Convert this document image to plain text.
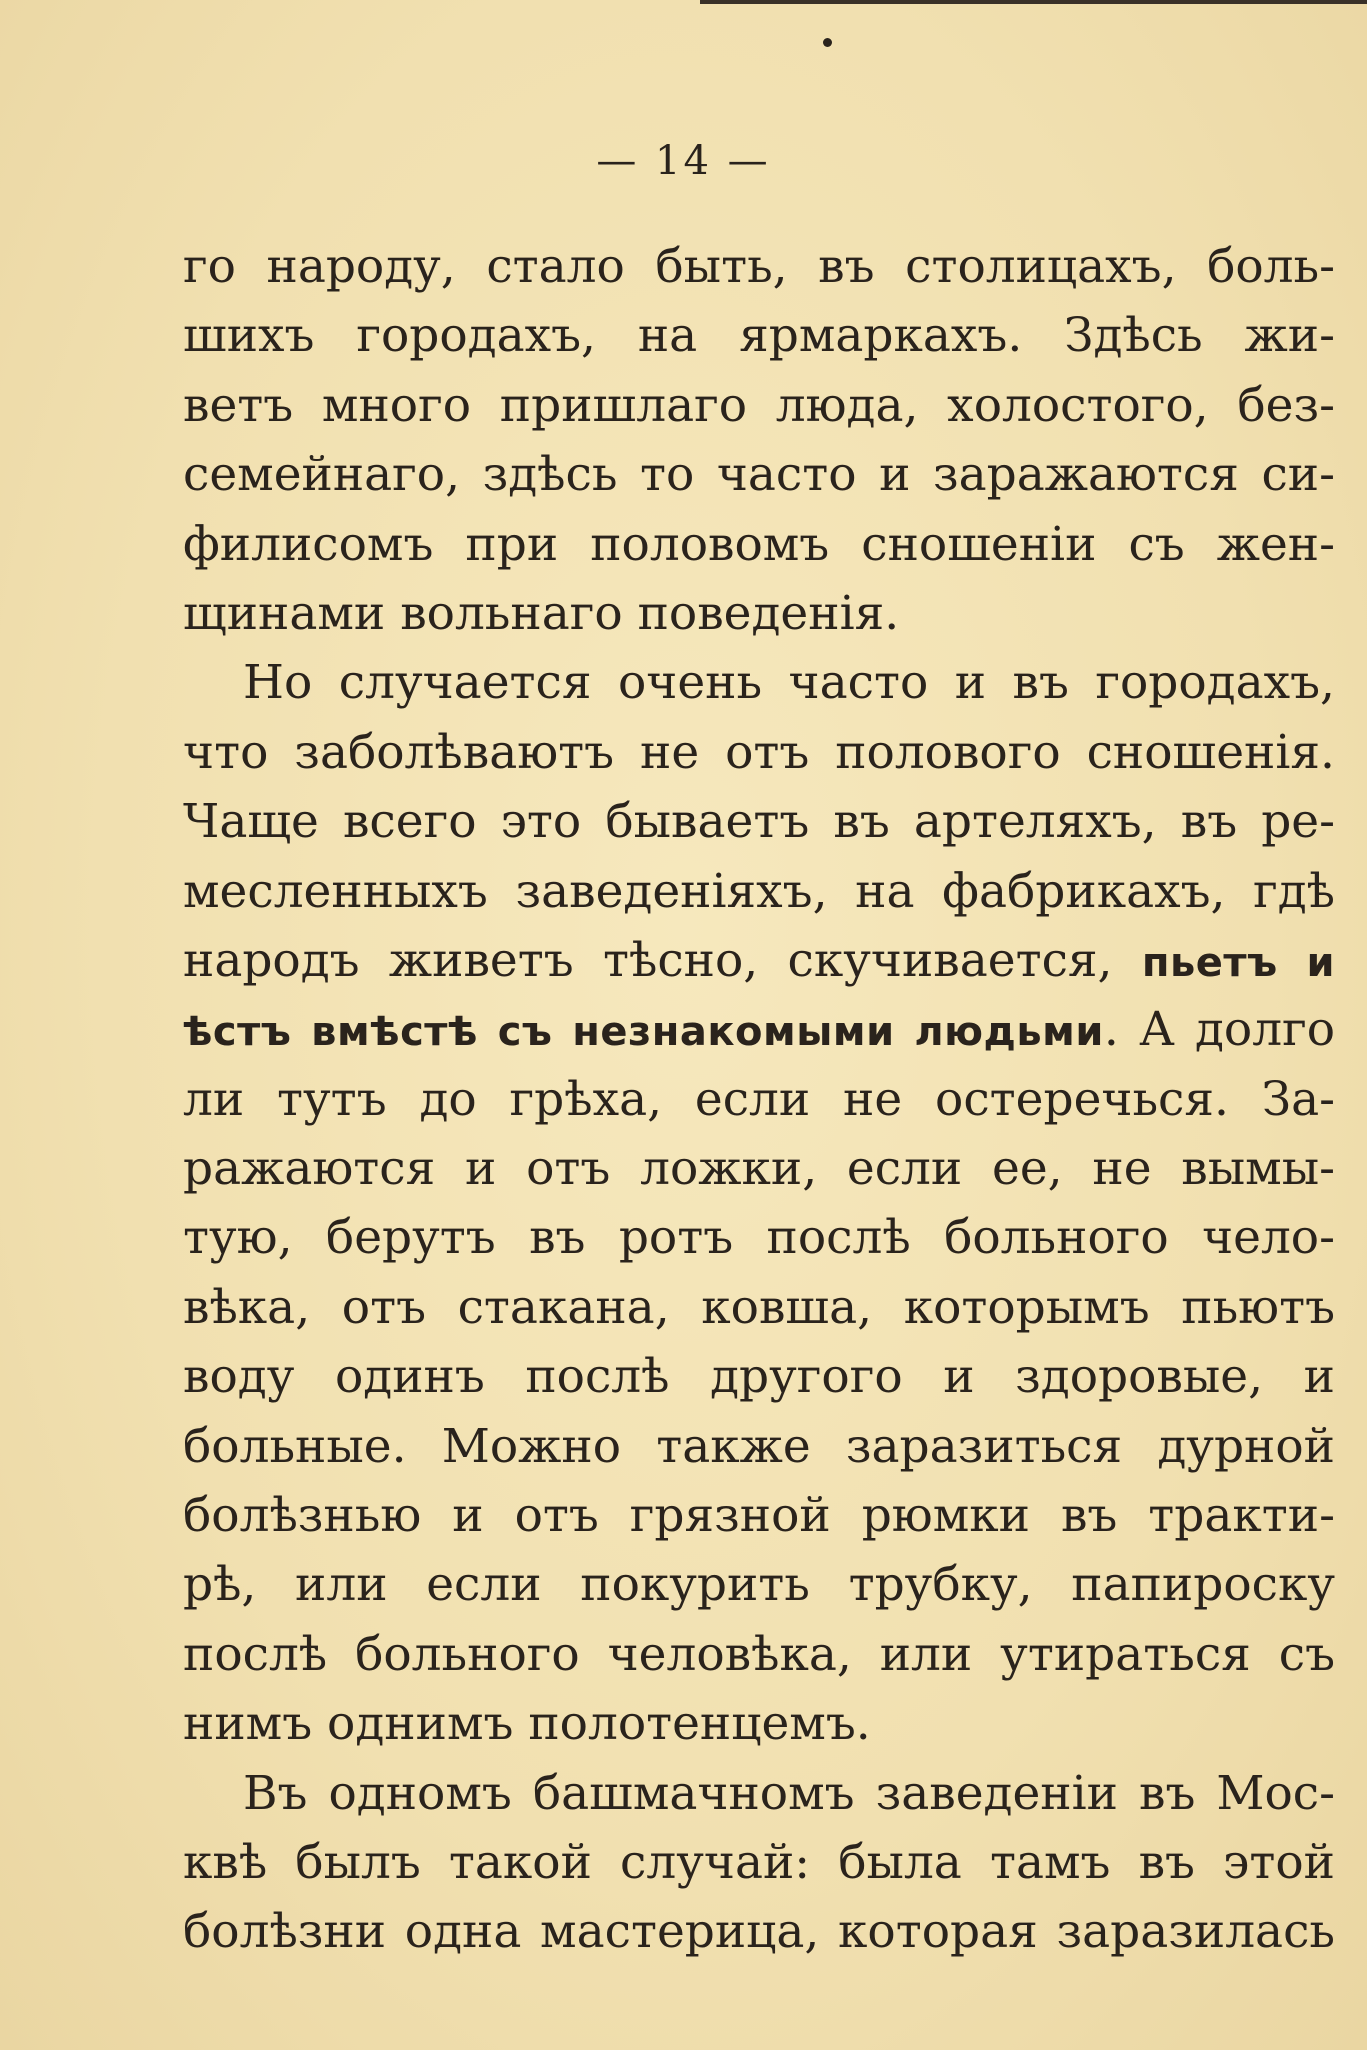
— 14 —
го народу, стало быть, въ столицахъ, боль-
шихъ городахъ, на ярмаркахъ. Здѣсь жи-
ветъ много пришлаго люда, холостого, без-
семейнаго, здѣсь то часто и заражаются си-
филисомъ при половомъ сношенiи съ жен-
щинами вольнаго поведенiя.
Но случается очень часто и въ городахъ,
что заболѣваютъ не отъ полового сношенiя.
Чаще всего это бываетъ въ артеляхъ, въ ре-
месленныхъ заведенiяхъ, на фабрикахъ, гдѣ
народъ живетъ тѣсно, скучивается, пьетъ и
ѣстъ вмѣстѣ съ незнакомыми людьми. А долго
ли тутъ до грѣха, если не остеречься. За-
ражаются и отъ ложки, если ее, не вымы-
тую, берутъ въ ротъ послѣ больного чело-
вѣка, отъ стакана, ковша, которымъ пьютъ
воду одинъ послѣ другого и здоровые, и
больные. Можно также заразиться дурной
болѣзнью и отъ грязной рюмки въ тракти-
рѣ, или если покурить трубку, папироску
послѣ больного человѣка, или утираться съ
нимъ однимъ полотенцемъ.
Въ одномъ башмачномъ заведенiи въ Мос-
квѣ былъ такой случай: была тамъ въ этой
болѣзни одна мастерица, которая заразилась
